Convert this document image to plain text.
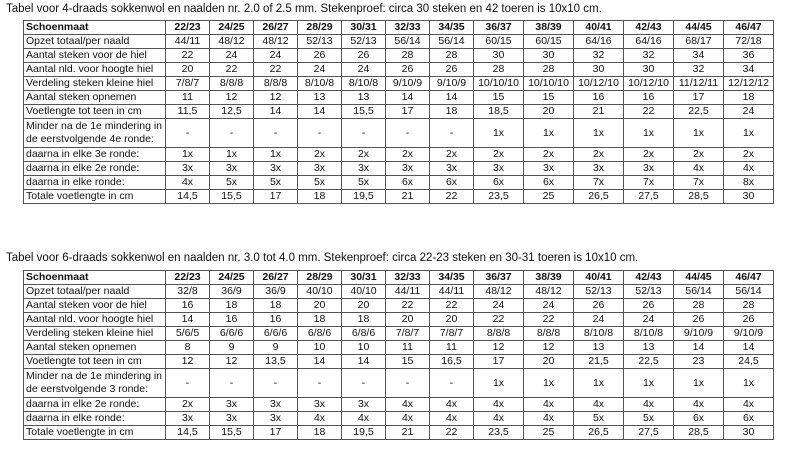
Tabel voor 4-draads sokkenwol en naalden nr. 2.0 of 2.5 mm. Stekenproef: circa 30 steken en 42 toeren is 10x10 cm.
Schoenmaat	22/23	24/25	26/27	28/29	30/31	32/33	34/35	36/37	38/39	40/41	42/43	44/45	46/47
Opzet totaal/per naald	44/11	48/12	48/12	52/13	52/13	56/14	56/14	60/15	60/15	64/16	64/16	68/17	72/18
Aantal steken voor de hiel	22	24	24	26	26	28	28	30	30	32	32	34	36
Aantal nld. voor hoogte hiel	20	22	22	24	24	26	26	28	28	30	30	32	34
Verdeling steken kleine hiel	7/8/7	8/8/8	8/8/8	8/10/8	8/10/8	9/10/9	9/10/9	10/10/10	10/10/10	10/12/10	10/12/10	11/12/11	12/12/12
Aantal steken opnemen	11	12	12	13	13	14	14	15	15	16	16	17	18
Voetlengte tot teen in cm	11,5	12,5	14	14	15,5	17	18	18,5	20	21	22	22,5	24
Minder na de 1e mindering in de eerstvolgende 4e ronde:	-	-	-	-	-	-	-	1x	1x	1x	1x	1x	1x
daarna in elke 3e ronde:	1x	1x	1x	2x	2x	2x	2x	2x	2x	2x	2x	2x	2x
daarna in elke 2e ronde:	3x	3x	3x	3x	3x	3x	3x	3x	3x	3x	3x	4x	4x
daarna in elke ronde:	4x	5x	5x	5x	5x	6x	6x	6x	6x	7x	7x	7x	8x
Totale voetlengte in cm	14,5	15,5	17	18	19,5	21	22	23,5	25	26,5	27,5	28,5	30
Tabel voor 6-draads sokkenwol en naalden nr. 3.0 tot 4.0 mm. Stekenproef: circa 22-23 steken en 30-31 toeren is 10x10 cm.
Schoenmaat	22/23	24/25	26/27	28/29	30/31	32/33	34/35	36/37	38/39	40/41	42/43	44/45	46/47
Opzet totaal/per naald	32/8	36/9	36/9	40/10	40/10	44/11	44/11	48/12	48/12	52/13	52/13	56/14	56/14
Aantal steken voor de hiel	16	18	18	20	20	22	22	24	24	26	26	28	28
Aantal nld. voor hoogte hiel	14	16	16	18	18	20	20	22	22	24	24	26	26
Verdeling steken kleine hiel	5/6/5	6/6/6	6/6/6	6/8/6	6/8/6	7/8/7	7/8/7	8/8/8	8/8/8	8/10/8	8/10/8	9/10/9	9/10/9
Aantal steken opnemen	8	9	9	10	10	11	11	12	12	13	13	14	14
Voetlengte tot teen in cm	12	12	13,5	14	14	15	16,5	17	20	21,5	22,5	23	24,5
Minder na de 1e mindering in de eerstvolgende 3 ronde:	-	-	-	-	-	-	-	1x	1x	1x	1x	1x	1x
daarna in elke 2e ronde:	2x	3x	3x	3x	3x	4x	4x	4x	4x	4x	4x	4x	4x
daarna in elke ronde:	3x	3x	3x	4x	4x	4x	4x	4x	4x	5x	5x	6x	6x
Totale voetlengte in cm	14,5	15,5	17	18	19,5	21	22	23,5	25	26,5	27,5	28,5	30
